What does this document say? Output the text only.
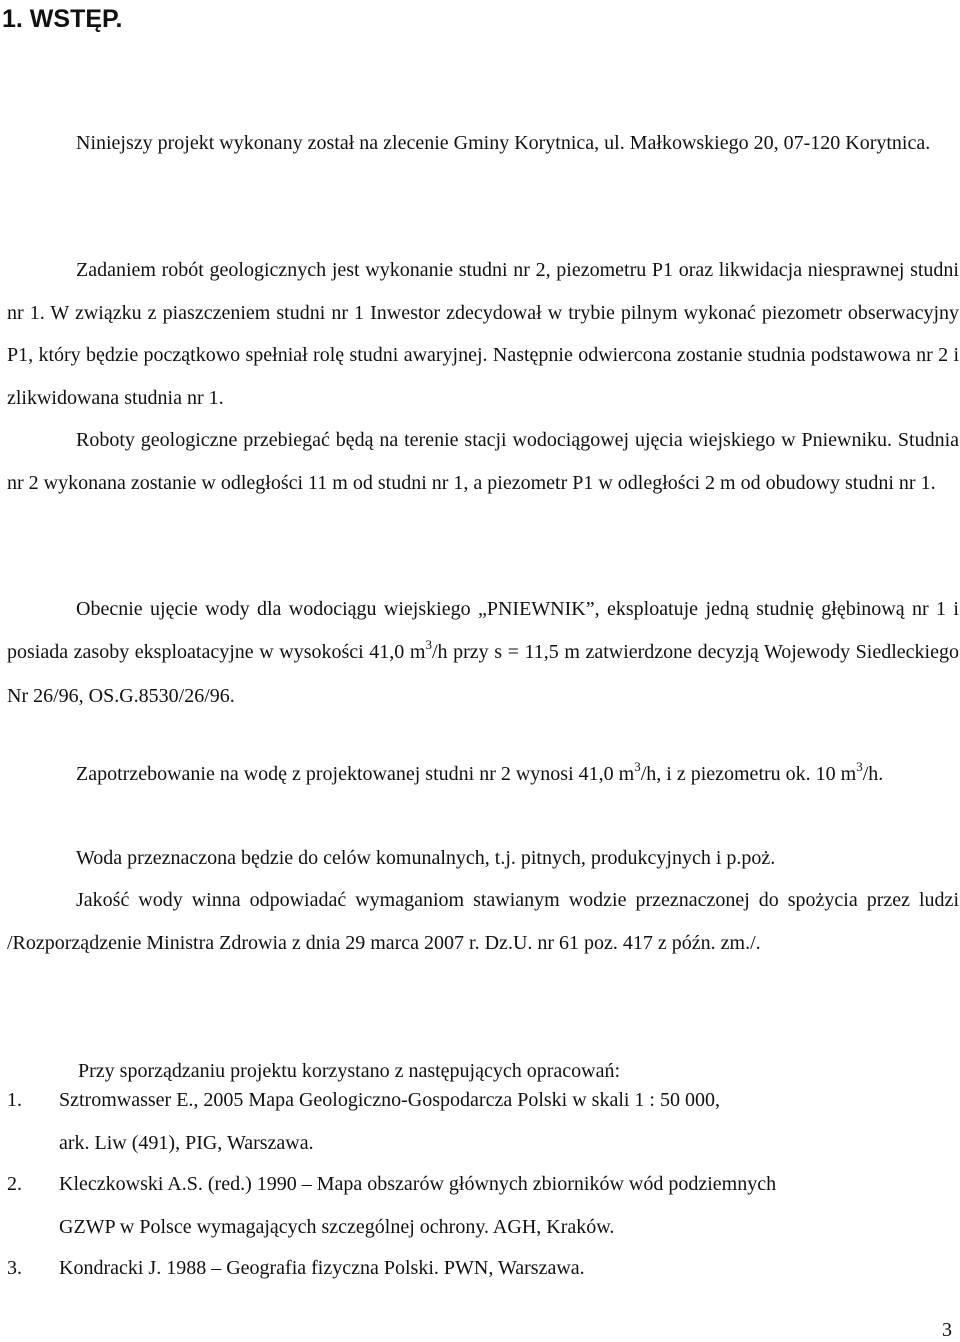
1. WSTĘP.

Niniejszy projekt wykonany został na zlecenie Gminy Korytnica, ul. Małkowskiego 20, 07-120 Korytnica.

Zadaniem robót geologicznych jest wykonanie studni nr 2, piezometru P1 oraz likwidacja niesprawnej studni nr 1. W związku z piaszczeniem studni nr 1 Inwestor zdecydował w trybie pilnym wykonać piezometr obserwacyjny P1, który będzie początkowo spełniał rolę studni awaryjnej. Następnie odwiercona zostanie studnia podstawowa nr 2 i zlikwidowana studnia nr 1.

Roboty geologiczne przebiegać będą na terenie stacji wodociągowej ujęcia wiejskiego w Pniewniku. Studnia nr 2 wykonana zostanie w odległości 11 m od studni nr 1, a piezometr P1 w odległości 2 m od obudowy studni nr 1.

Obecnie ujęcie wody dla wodociągu wiejskiego „PNIEWNIK”, eksploatuje jedną studnię głębinową nr 1 i posiada zasoby eksploatacyjne w wysokości 41,0 $m^3/h$ przy s = 11,5 m zatwierdzone decyzją Wojewody Siedleckiego Nr 26/96, OS.G.8530/26/96.

Zapotrzebowanie na wodę z projektowanej studni nr 2 wynosi 41,0 $m^3/h$, i z piezometru ok. 10 $m^3/h$.

Woda przeznaczona będzie do celów komunalnych, t.j. pitnych, produkcyjnych i p.poż.

Jakość wody winna odpowiadać wymaganiom stawianym wodzie przeznaczonej do spożycia przez ludzi /Rozporządzenie Ministra Zdrowia z dnia 29 marca 2007 r. Dz.U. nr 61 poz. 417 z późn. zm./.

Przy sporządzaniu projektu korzystano z następujących opracowań:

1. Sztromwasser E., 2005 Mapa Geologiczno-Gospodarcza Polski w skali 1 : 50 000,
ark. Liw (491), PIG, Warszawa.
2. Kleczkowski A.S. (red.) 1990 – Mapa obszarów głównych zbiorników wód podziemnych
GZWP w Polsce wymagających szczególnej ochrony. AGH, Kraków.
3. Kondracki J. 1988 – Geografia fizyczna Polski. PWN, Warszawa.
3
